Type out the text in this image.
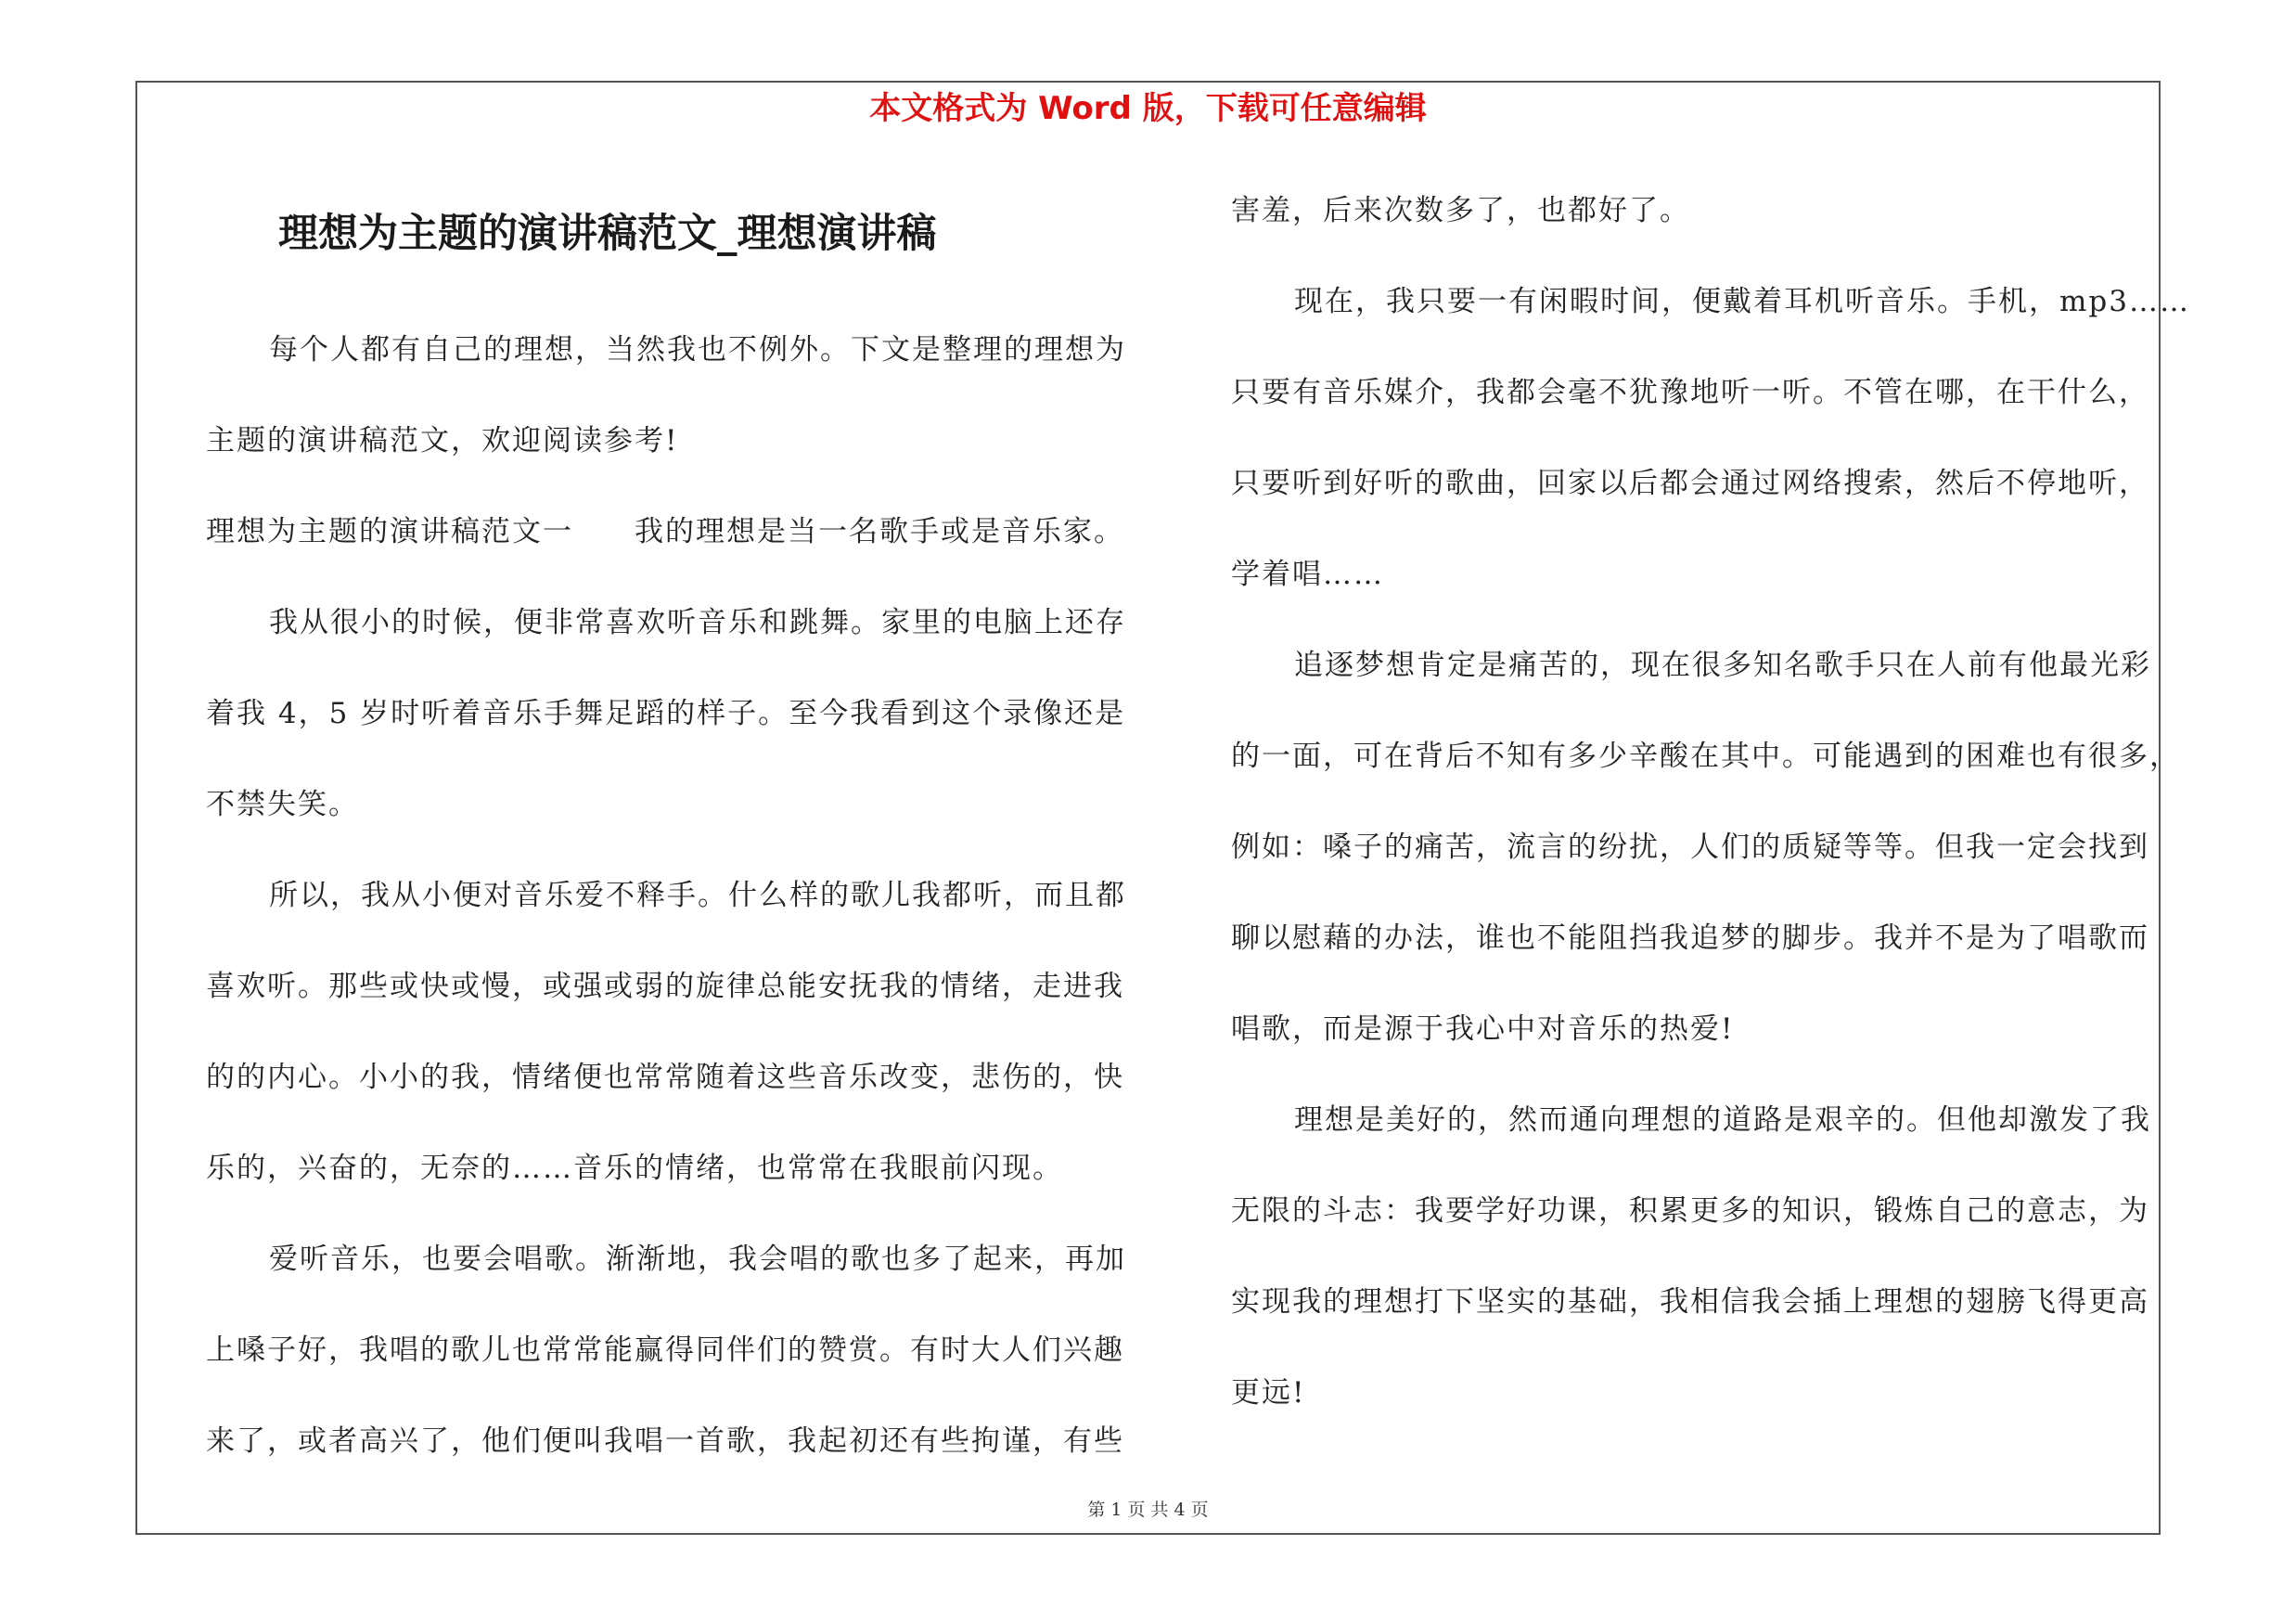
本文格式为 Word 版，下载可任意编辑
理想为主题的演讲稿范文_理想演讲稿
每个人都有自己的理想，当然我也不例外。下文是整理的理想为
主题的演讲稿范文，欢迎阅读参考!
理想为主题的演讲稿范文一　　我的理想是当一名歌手或是音乐家。
我从很小的时候，便非常喜欢听音乐和跳舞。家里的电脑上还存
着我 4，5 岁时听着音乐手舞足蹈的样子。至今我看到这个录像还是
不禁失笑。
所以，我从小便对音乐爱不释手。什么样的歌儿我都听，而且都
喜欢听。那些或快或慢，或强或弱的旋律总能安抚我的情绪，走进我
的的内心。小小的我，情绪便也常常随着这些音乐改变，悲伤的，快
乐的，兴奋的，无奈的……音乐的情绪，也常常在我眼前闪现。
爱听音乐，也要会唱歌。渐渐地，我会唱的歌也多了起来，再加
上嗓子好，我唱的歌儿也常常能赢得同伴们的赞赏。有时大人们兴趣
来了，或者高兴了，他们便叫我唱一首歌，我起初还有些拘谨，有些
害羞，后来次数多了，也都好了。
现在，我只要一有闲暇时间，便戴着耳机听音乐。手机，mp3……
只要有音乐媒介，我都会毫不犹豫地听一听。不管在哪，在干什么，
只要听到好听的歌曲，回家以后都会通过网络搜索，然后不停地听，
学着唱……
追逐梦想肯定是痛苦的，现在很多知名歌手只在人前有他最光彩
的一面，可在背后不知有多少辛酸在其中。可能遇到的困难也有很多，
例如：嗓子的痛苦，流言的纷扰，人们的质疑等等。但我一定会找到
聊以慰藉的办法，谁也不能阻挡我追梦的脚步。我并不是为了唱歌而
唱歌，而是源于我心中对音乐的热爱!
理想是美好的，然而通向理想的道路是艰辛的。但他却激发了我
无限的斗志：我要学好功课，积累更多的知识，锻炼自己的意志，为
实现我的理想打下坚实的基础，我相信我会插上理想的翅膀飞得更高
更远!
第 1 页 共 4 页
